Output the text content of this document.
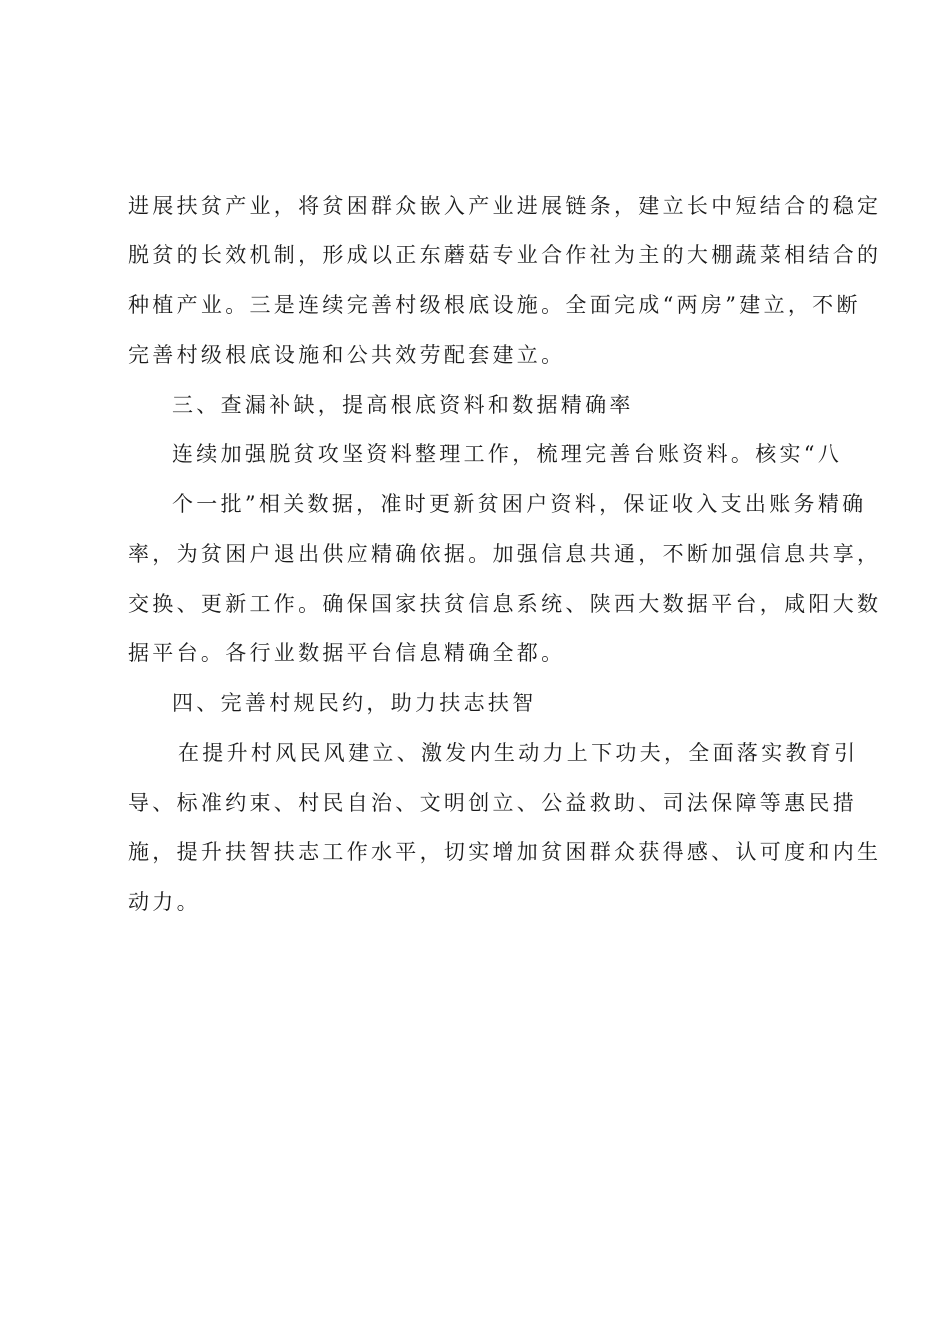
进展扶贫产业，将贫困群众嵌入产业进展链条，建立长中短结合的稳定

脱贫的长效机制，形成以正东蘑菇专业合作社为主的大棚蔬菜相结合的

种植产业。三是连续完善村级根底设施。全面完成“两房”建立，不断

完善村级根底设施和公共效劳配套建立。

三、查漏补缺，提高根底资料和数据精确率

连续加强脱贫攻坚资料整理工作，梳理完善台账资料。核实“八

个一批”相关数据，准时更新贫困户资料，保证收入支出账务精确

率，为贫困户退出供应精确依据。加强信息共通，不断加强信息共享，

交换、更新工作。确保国家扶贫信息系统、陕西大数据平台，咸阳大数

据平台。各行业数据平台信息精确全都。

四、完善村规民约，助力扶志扶智

在提升村风民风建立、激发内生动力上下功夫，全面落实教育引

导、标准约束、村民自治、文明创立、公益救助、司法保障等惠民措

施，提升扶智扶志工作水平，切实增加贫困群众获得感、认可度和内生

动力。
